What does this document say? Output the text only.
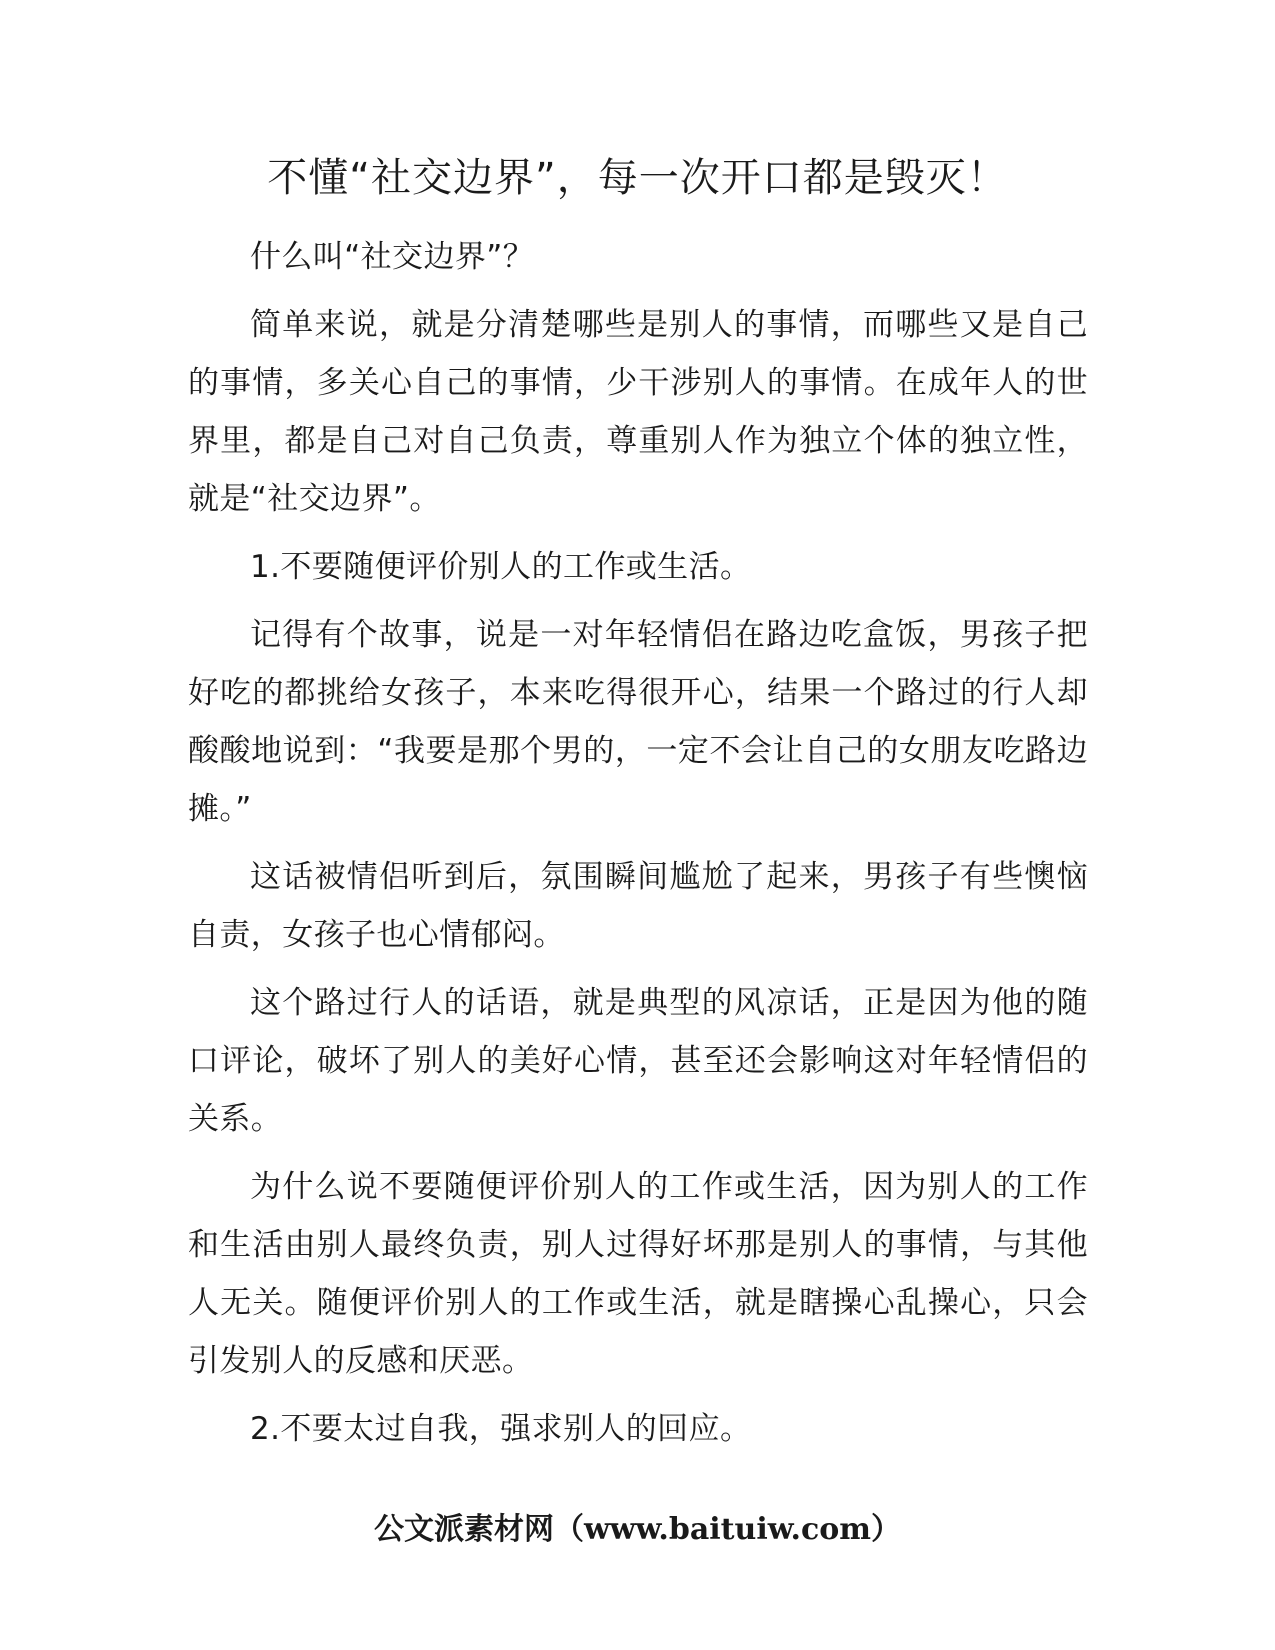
不懂“社交边界”，每一次开口都是毁灭！

什么叫“社交边界”？

简单来说，就是分清楚哪些是别人的事情，而哪些又是自己的事情，多关心自己的事情，少干涉别人的事情。在成年人的世界里，都是自己对自己负责，尊重别人作为独立个体的独立性，就是“社交边界”。

1.不要随便评价别人的工作或生活。

记得有个故事，说是一对年轻情侣在路边吃盒饭，男孩子把好吃的都挑给女孩子，本来吃得很开心，结果一个路过的行人却酸酸地说到：“我要是那个男的，一定不会让自己的女朋友吃路边摊。”

这话被情侣听到后，氛围瞬间尴尬了起来，男孩子有些懊恼自责，女孩子也心情郁闷。

这个路过行人的话语，就是典型的风凉话，正是因为他的随口评论，破坏了别人的美好心情，甚至还会影响这对年轻情侣的关系。

为什么说不要随便评价别人的工作或生活，因为别人的工作和生活由别人最终负责，别人过得好坏那是别人的事情，与其他人无关。随便评价别人的工作或生活，就是瞎操心乱操心，只会引发别人的反感和厌恶。

2.不要太过自我，强求别人的回应。

公文派素材网（www.baituiw.com）
